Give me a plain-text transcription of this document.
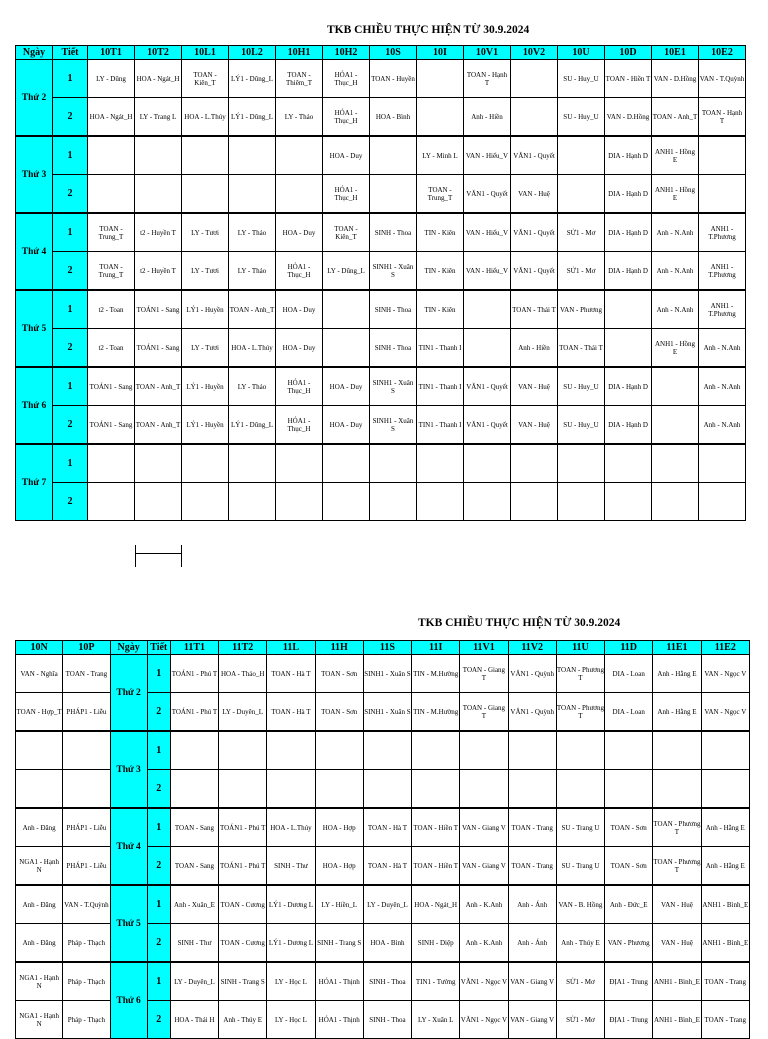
TKB CHIỀU THỰC HIỆN TỪ 30.9.2024
Ngày	Tiết	10T1	10T2	10L1	10L2	10H1	10H2	10S	10I	10V1	10V2	10U	10D	10E1	10E2
Thứ 2	1	LY - Dũng	HOA - Ngát_H	TOAN - Kiên_T	LÝ1 - Dũng_L	TOAN - Thiêm_T	HÓA1 - Thục_H	TOAN - Huyền		TOAN - Hạnh T		SU - Huy_U	TOAN - Hiền T	VAN - D.Hồng	VAN - T.Quỳnh
	2	HOA - Ngát_H	LY - Trang L	HOA - L.Thúy	LÝ1 - Dũng_L	LY - Thảo	HÓA1 - Thục_H	HOA - Bình		Anh - Hiền		SU - Huy_U	VAN - D.Hồng	TOAN - Anh_T	TOAN - Hạnh T
Thứ 3	1						HOA - Duy		LY - Minh L	VAN - Hiếu_V	VĂN1 - Quyết		DIA - Hạnh D	ANH1 - Hồng E	
	2						HÓA1 - Thục_H		TOAN - Trung_T	VĂN1 - Quyết	VAN - Huệ		DIA - Hạnh D	ANH1 - Hồng E	
Thứ 4	1	TOAN - Trung_T	t2 - Huyền T	LY - Tươi	LY - Thảo	HOA - Duy	TOAN - Kiên_T	SINH - Thoa	TIN - Kiên	VAN - Hiếu_V	VĂN1 - Quyết	SỬ1 - Mơ	DIA - Hạnh D	Anh - N.Anh	ANH1 - T.Phương
	2	TOAN - Trung_T	t2 - Huyền T	LY - Tươi	LY - Thảo	HÓA1 - Thục_H	LY - Dũng_L	SINH1 - Xuân S	TIN - Kiên	VAN - Hiếu_V	VĂN1 - Quyết	SỬ1 - Mơ	DIA - Hạnh D	Anh - N.Anh	ANH1 - T.Phương
Thứ 5	1	t2 - Toan	TOÁN1 - Sang	LÝ1 - Huyền	TOAN - Anh_T	HOA - Duy		SINH - Thoa	TIN - Kiên		TOAN - Thái T	VAN - Phương		Anh - N.Anh	ANH1 - T.Phương
	2	t2 - Toan	TOÁN1 - Sang	LY - Tươi	HOA - L.Thúy	HOA - Duy		SINH - Thoa	TIN1 - Thanh I		Anh - Hiền	TOAN - Thái T		ANH1 - Hồng E	Anh - N.Anh
Thứ 6	1	TOÁN1 - Sang	TOAN - Anh_T	LÝ1 - Huyền	LY - Thảo	HÓA1 - Thục_H	HOA - Duy	SINH1 - Xuân S	TIN1 - Thanh I	VĂN1 - Quyết	VAN - Huệ	SU - Huy_U	DIA - Hạnh D		Anh - N.Anh
	2	TOÁN1 - Sang	TOAN - Anh_T	LÝ1 - Huyền	LÝ1 - Dũng_L	HÓA1 - Thục_H	HOA - Duy	SINH1 - Xuân S	TIN1 - Thanh I	VĂN1 - Quyết	VAN - Huệ	SU - Huy_U	DIA - Hạnh D		Anh - N.Anh
Thứ 7	1														
	2														
TKB CHIỀU THỰC HIỆN TỪ 30.9.2024
10N	10P	Ngày	Tiết	11T1	11T2	11L	11H	11S	11I	11V1	11V2	11U	11D	11E1	11E2
VAN - Nghĩa	TOAN - Trang	Thứ 2	1	TOÁN1 - Phú T	HOA - Thảo_H	TOAN - Hà T	TOAN - Sơn	SINH1 - Xuân S	TIN - M.Hường	TOAN - Giang T	VĂN1 - Quỳnh	TOAN - Phương T	DIA - Loan	Anh - Hằng E	VAN - Ngọc V
TOAN - Hợp_T	PHÁP1 - Liễu		2	TOÁN1 - Phú T	LY - Duyên_L	TOAN - Hà T	TOAN - Sơn	SINH1 - Xuân S	TIN - M.Hường	TOAN - Giang T	VĂN1 - Quỳnh	TOAN - Phương T	DIA - Loan	Anh - Hằng E	VAN - Ngọc V
		Thứ 3	1												
			2												
Anh - Đăng	PHÁP1 - Liễu	Thứ 4	1	TOAN - Sang	TOÁN1 - Phú T	HOA - L.Thúy	HOA - Hợp	TOAN - Hà T	TOAN - Hiền T	VAN - Giang V	TOAN - Trang	SU - Trang U	TOAN - Sơn	TOAN - Phương T	Anh - Hằng E
NGA1 - Hạnh N	PHÁP1 - Liễu		2	TOAN - Sang	TOÁN1 - Phú T	SINH - Thư	HOA - Hợp	TOAN - Hà T	TOAN - Hiền T	VAN - Giang V	TOAN - Trang	SU - Trang U	TOAN - Sơn	TOAN - Phương T	Anh - Hằng E
Anh - Đăng	VAN - T.Quỳnh	Thứ 5	1	Anh - Xuân_E	TOAN - Cương	LÝ1 - Dương L	LY - Hiền_L	LY - Duyên_L	HOA - Ngát_H	Anh - K.Anh	Anh - Ánh	VAN - B. Hồng	Anh - Đức_E	VAN - Huệ	ANH1 - Bình_E
Anh - Đăng	Pháp - Thạch		2	SINH - Thư	TOAN - Cương	LÝ1 - Dương L	SINH - Trang S	HOA - Bình	SINH - Diệp	Anh - K.Anh	Anh - Ánh	Anh - Thúy E	VAN - Phương	VAN - Huệ	ANH1 - Bình_E
NGA1 - Hạnh N	Pháp - Thạch	Thứ 6	1	LY - Duyên_L	SINH - Trang S	LY - Học L	HÓA1 - Thịnh	SINH - Thoa	TIN1 - Tường	VĂN1 - Ngọc V	VAN - Giang V	SỬ1 - Mơ	ĐỊA1 - Trung	ANH1 - Bình_E	TOAN - Trang
NGA1 - Hạnh N	Pháp - Thạch		2	HOA - Thái H	Anh - Thúy E	LY - Học L	HÓA1 - Thịnh	SINH - Thoa	LY - Xuân L	VĂN1 - Ngọc V	VAN - Giang V	SỬ1 - Mơ	ĐỊA1 - Trung	ANH1 - Bình_E	TOAN - Trang
